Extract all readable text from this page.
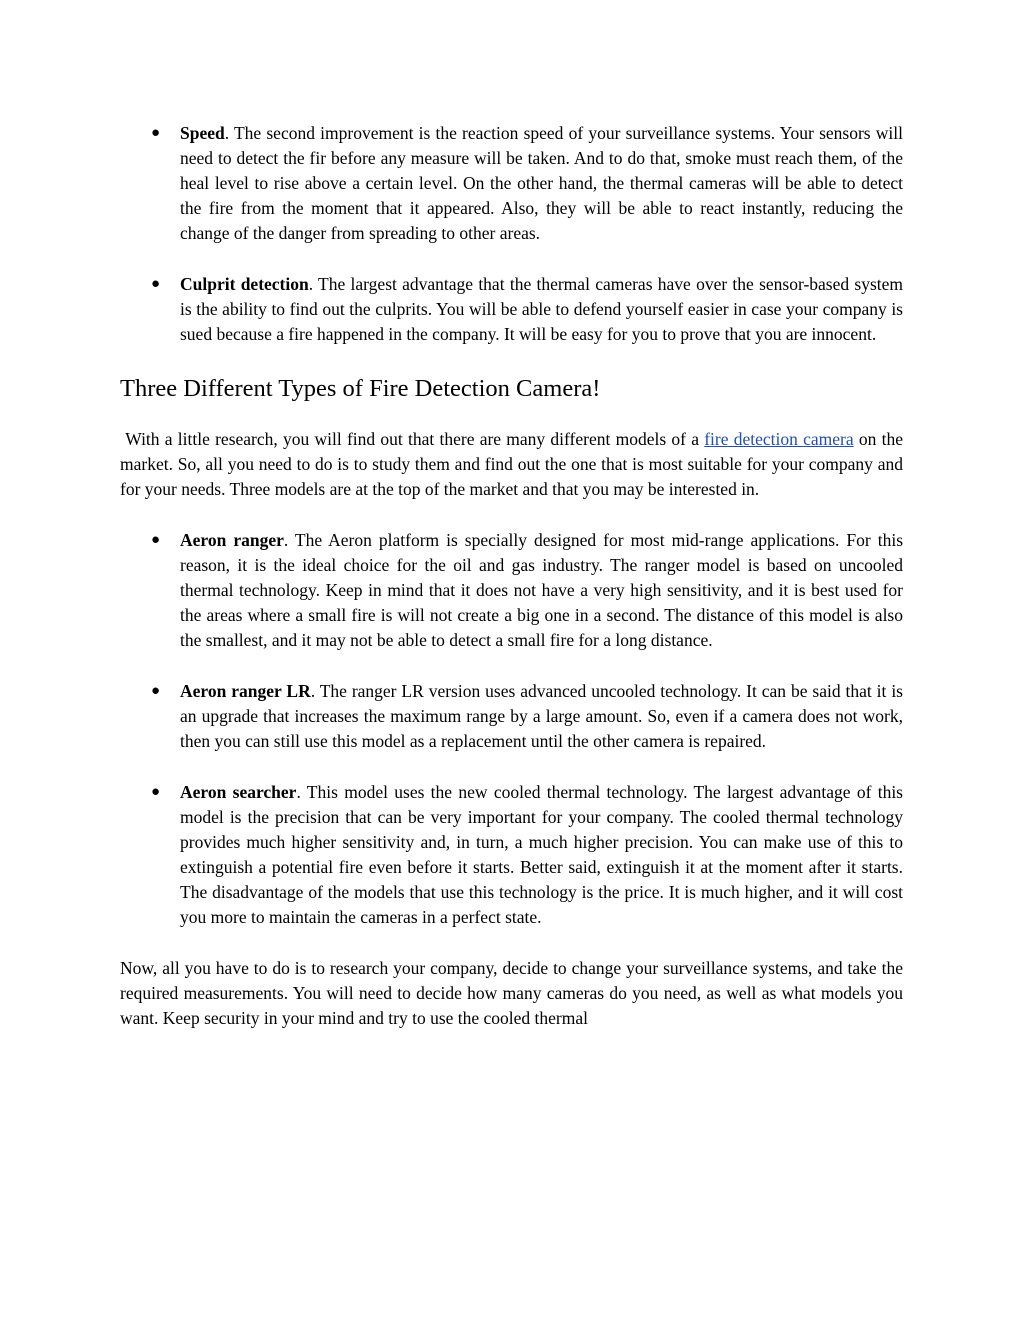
● Speed. The second improvement is the reaction speed of your surveillance systems. Your sensors will need to detect the fir before any measure will be taken. And to do that, smoke must reach them, of the heal level to rise above a certain level. On the other hand, the thermal cameras will be able to detect the fire from the moment that it appeared. Also, they will be able to react instantly, reducing the change of the danger from spreading to other areas.

● Culprit detection. The largest advantage that the thermal cameras have over the sensor-based system is the ability to find out the culprits. You will be able to defend yourself easier in case your company is sued because a fire happened in the company. It will be easy for you to prove that you are innocent.

Three Different Types of Fire Detection Camera!

With a little research, you will find out that there are many different models of a fire detection camera on the market. So, all you need to do is to study them and find out the one that is most suitable for your company and for your needs. Three models are at the top of the market and that you may be interested in.

● Aeron ranger. The Aeron platform is specially designed for most mid-range applications. For this reason, it is the ideal choice for the oil and gas industry. The ranger model is based on uncooled thermal technology. Keep in mind that it does not have a very high sensitivity, and it is best used for the areas where a small fire is will not create a big one in a second. The distance of this model is also the smallest, and it may not be able to detect a small fire for a long distance.

● Aeron ranger LR. The ranger LR version uses advanced uncooled technology. It can be said that it is an upgrade that increases the maximum range by a large amount. So, even if a camera does not work, then you can still use this model as a replacement until the other camera is repaired.

● Aeron searcher. This model uses the new cooled thermal technology. The largest advantage of this model is the precision that can be very important for your company. The cooled thermal technology provides much higher sensitivity and, in turn, a much higher precision. You can make use of this to extinguish a potential fire even before it starts. Better said, extinguish it at the moment after it starts. The disadvantage of the models that use this technology is the price. It is much higher, and it will cost you more to maintain the cameras in a perfect state.

Now, all you have to do is to research your company, decide to change your surveillance systems, and take the required measurements. You will need to decide how many cameras do you need, as well as what models you want. Keep security in your mind and try to use the cooled thermal
